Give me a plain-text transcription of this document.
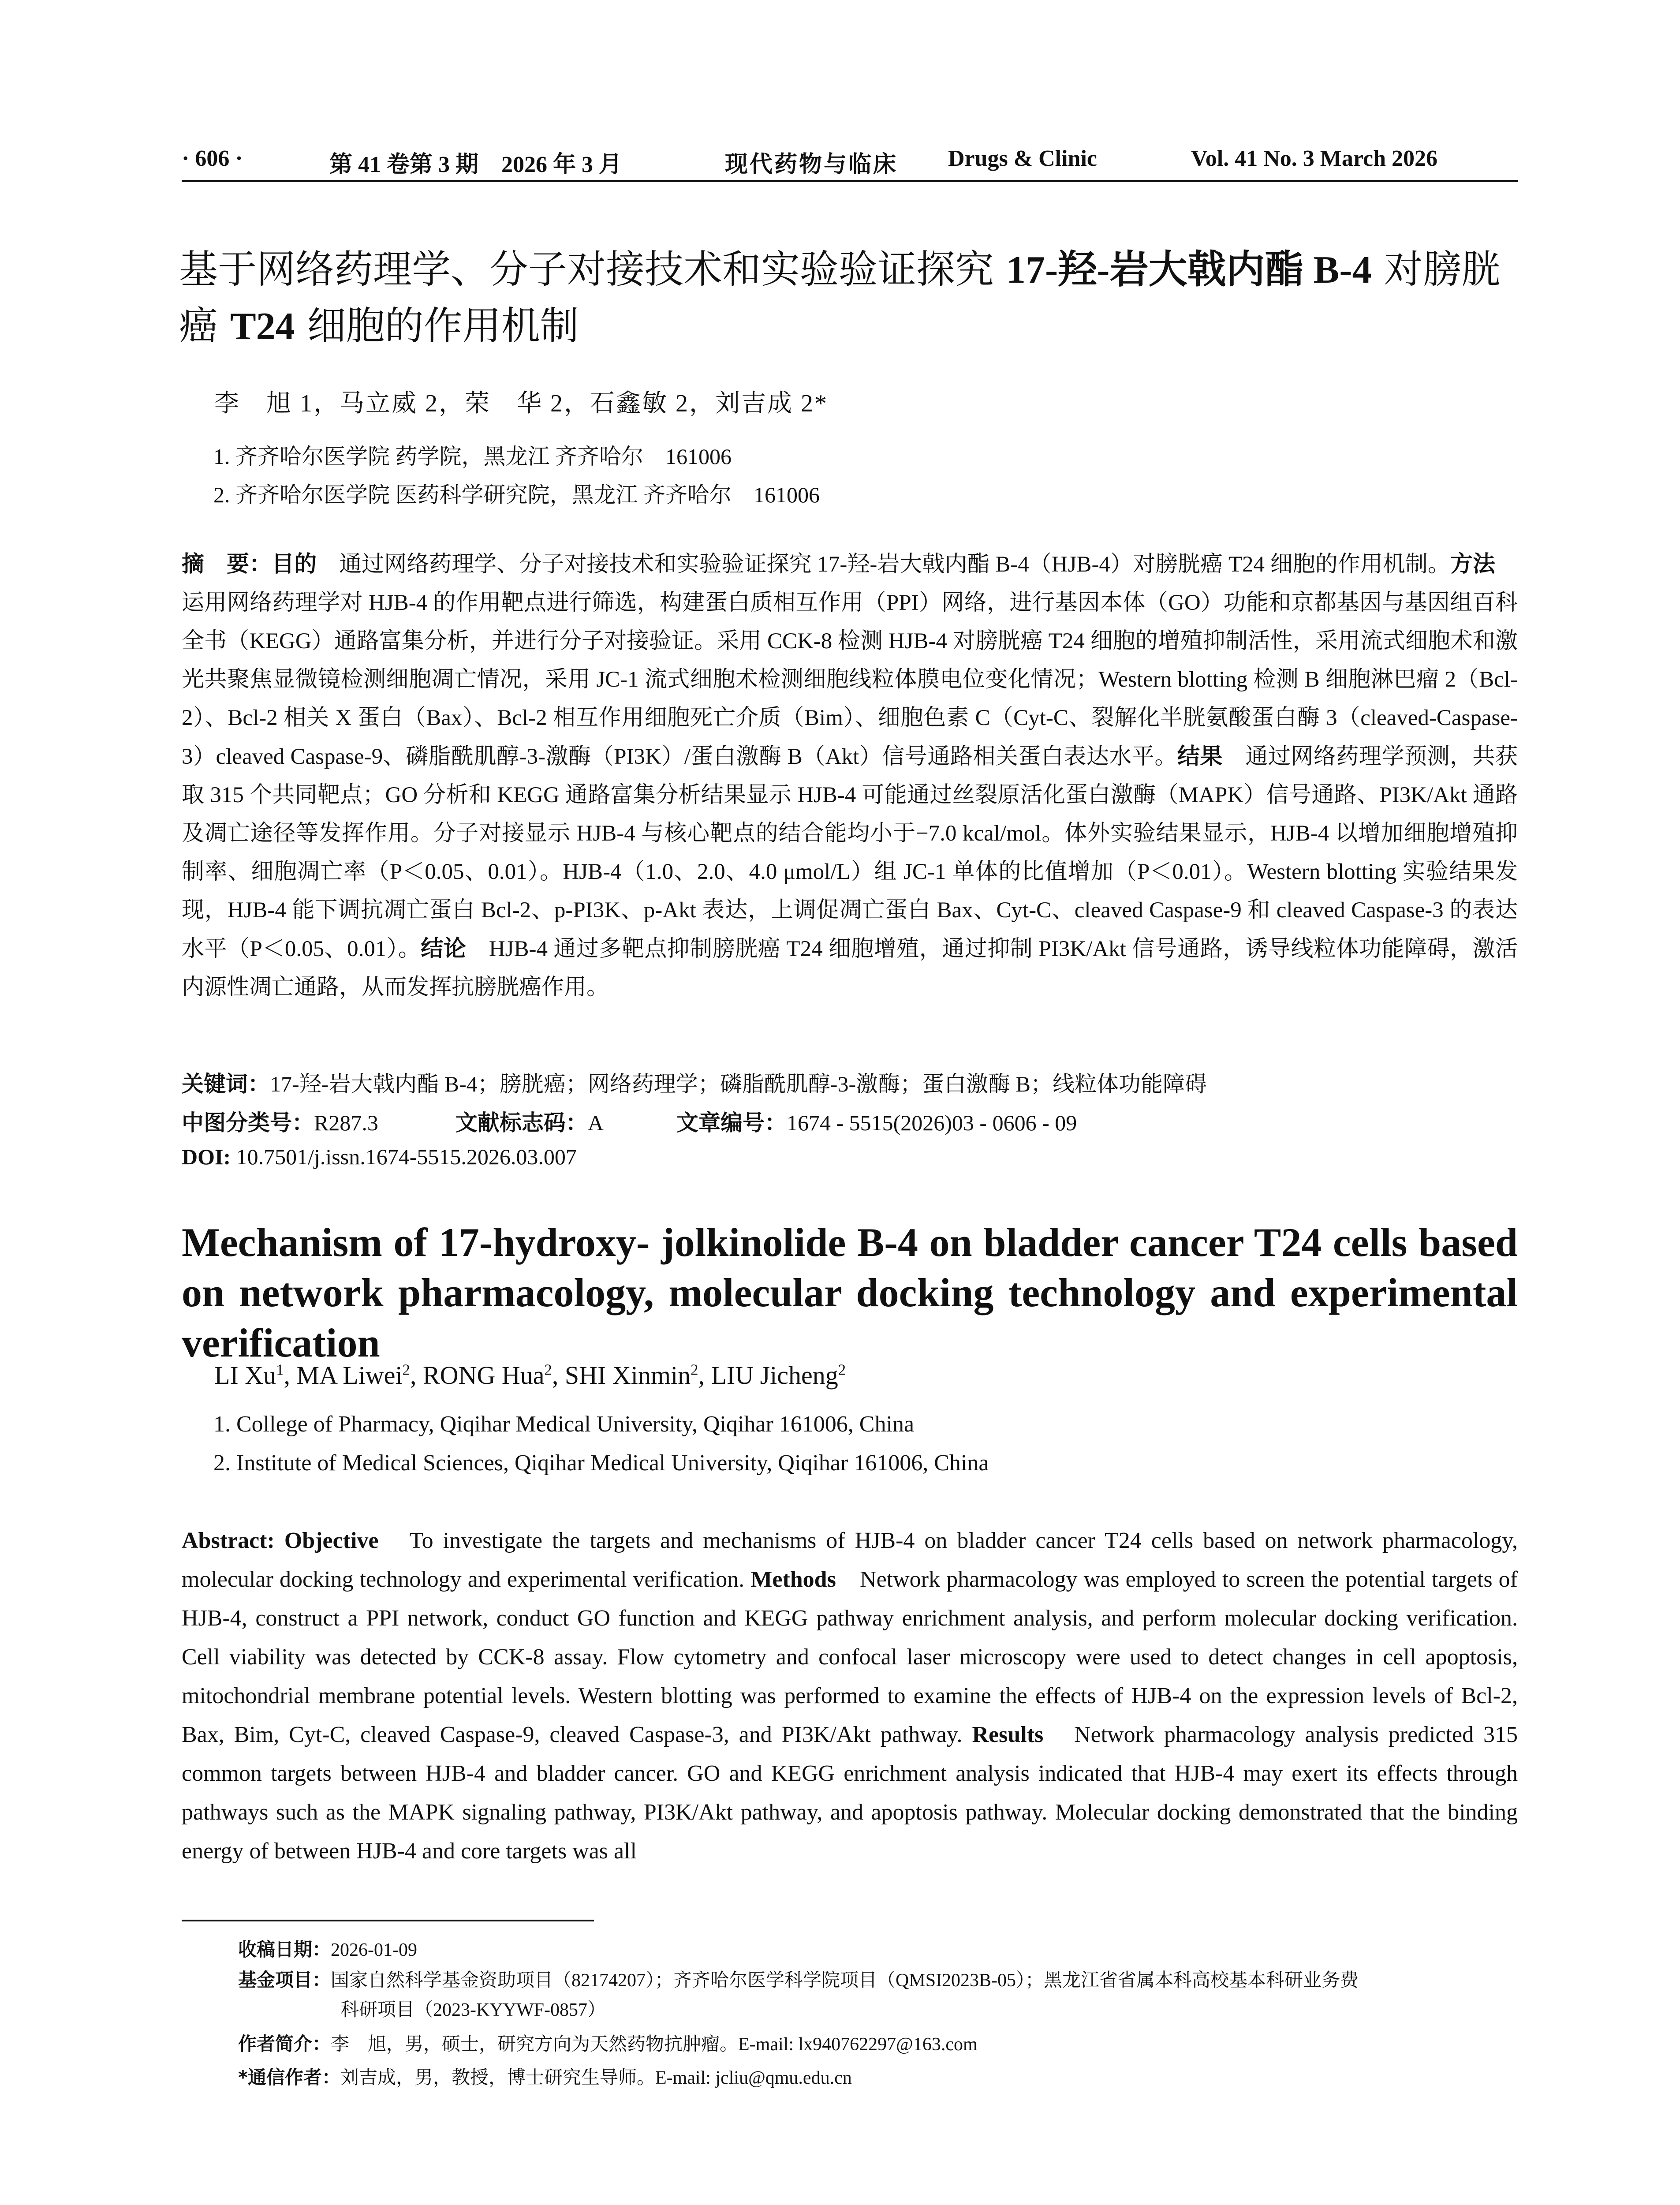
· 606 ·	第 41 卷第 3 期　2026 年 3 月	现代药物与临床 Drugs & Clinic	Vol. 41 No. 3 March 2026
基于网络药理学、分子对接技术和实验验证探究 17-羟-岩大戟内酯 B-4 对膀胱癌 T24 细胞的作用机制
李　旭 1，马立威 2，荣　华 2，石鑫敏 2，刘吉成 2*
1. 齐齐哈尔医学院 药学院，黑龙江 齐齐哈尔　161006
2. 齐齐哈尔医学院 医药科学研究院，黑龙江 齐齐哈尔　161006
摘　要：目的　通过网络药理学、分子对接技术和实验验证探究 17-羟-岩大戟内酯 B-4（HJB-4）对膀胱癌 T24 细胞的作用机制。方法　运用网络药理学对 HJB-4 的作用靶点进行筛选，构建蛋白质相互作用（PPI）网络，进行基因本体（GO）功能和京都基因与基因组百科全书（KEGG）通路富集分析，并进行分子对接验证。采用 CCK-8 检测 HJB-4 对膀胱癌 T24 细胞的增殖抑制活性，采用流式细胞术和激光共聚焦显微镜检测细胞凋亡情况，采用 JC-1 流式细胞术检测细胞线粒体膜电位变化情况；Western blotting 检测 B 细胞淋巴瘤 2（Bcl-2）、Bcl-2 相关 X 蛋白（Bax）、Bcl-2 相互作用细胞死亡介质（Bim）、细胞色素 C（Cyt-C、裂解化半胱氨酸蛋白酶 3（cleaved-Caspase-3）cleaved Caspase-9、磷脂酰肌醇-3-激酶（PI3K）/蛋白激酶 B（Akt）信号通路相关蛋白表达水平。结果　通过网络药理学预测，共获取 315 个共同靶点；GO 分析和 KEGG 通路富集分析结果显示 HJB-4 可能通过丝裂原活化蛋白激酶（MAPK）信号通路、PI3K/Akt 通路及凋亡途径等发挥作用。分子对接显示 HJB-4 与核心靶点的结合能均小于−7.0 kcal/mol。体外实验结果显示，HJB-4 以增加细胞增殖抑制率、细胞凋亡率（P＜0.05、0.01）。HJB-4（1.0、2.0、4.0 μmol/L）组 JC-1 单体的比值增加（P＜0.01）。Western blotting 实验结果发现，HJB-4 能下调抗凋亡蛋白 Bcl-2、p-PI3K、p-Akt 表达，上调促凋亡蛋白 Bax、Cyt-C、cleaved Caspase-9 和 cleaved Caspase-3 的表达水平（P＜0.05、0.01）。结论　HJB-4 通过多靶点抑制膀胱癌 T24 细胞增殖，通过抑制 PI3K/Akt 信号通路，诱导线粒体功能障碍，激活内源性凋亡通路，从而发挥抗膀胱癌作用。
关键词：17-羟-岩大戟内酯 B-4；膀胱癌；网络药理学；磷脂酰肌醇-3-激酶；蛋白激酶 B；线粒体功能障碍
中图分类号：R287.3	文献标志码：A	文章编号：1674 - 5515(2026)03 - 0606 - 09
DOI: 10.7501/j.issn.1674-5515.2026.03.007
Mechanism of 17-hydroxy- jolkinolide B-4 on bladder cancer T24 cells based on network pharmacology, molecular docking technology and experimental verification
LI Xu$^1$, MA Liwei$^2$, RONG Hua$^2$, SHI Xinmin$^2$, LIU Jicheng$^2$
1. College of Pharmacy, Qiqihar Medical University, Qiqihar 161006, China
2. Institute of Medical Sciences, Qiqihar Medical University, Qiqihar 161006, China
Abstract: Objective　To investigate the targets and mechanisms of HJB-4 on bladder cancer T24 cells based on network pharmacology, molecular docking technology and experimental verification. Methods　Network pharmacology was employed to screen the potential targets of HJB-4, construct a PPI network, conduct GO function and KEGG pathway enrichment analysis, and perform molecular docking verification. Cell viability was detected by CCK-8 assay. Flow cytometry and confocal laser microscopy were used to detect changes in cell apoptosis, mitochondrial membrane potential levels. Western blotting was performed to examine the effects of HJB-4 on the expression levels of Bcl-2, Bax, Bim, Cyt-C, cleaved Caspase-9, cleaved Caspase-3, and PI3K/Akt pathway. Results　Network pharmacology analysis predicted 315 common targets between HJB-4 and bladder cancer. GO and KEGG enrichment analysis indicated that HJB-4 may exert its effects through pathways such as the MAPK signaling pathway, PI3K/Akt pathway, and apoptosis pathway. Molecular docking demonstrated that the binding energy of between HJB-4 and core targets was all
收稿日期：2026-01-09
基金项目：国家自然科学基金资助项目（82174207）；齐齐哈尔医学科学院项目（QMSI2023B-05）；黑龙江省省属本科高校基本科研业务费
科研项目（2023-KYYWF-0857）
作者简介：李　旭，男，硕士，研究方向为天然药物抗肿瘤。E-mail: lx940762297@163.com
*通信作者：刘吉成，男，教授，博士研究生导师。E-mail: jcliu@qmu.edu.cn
